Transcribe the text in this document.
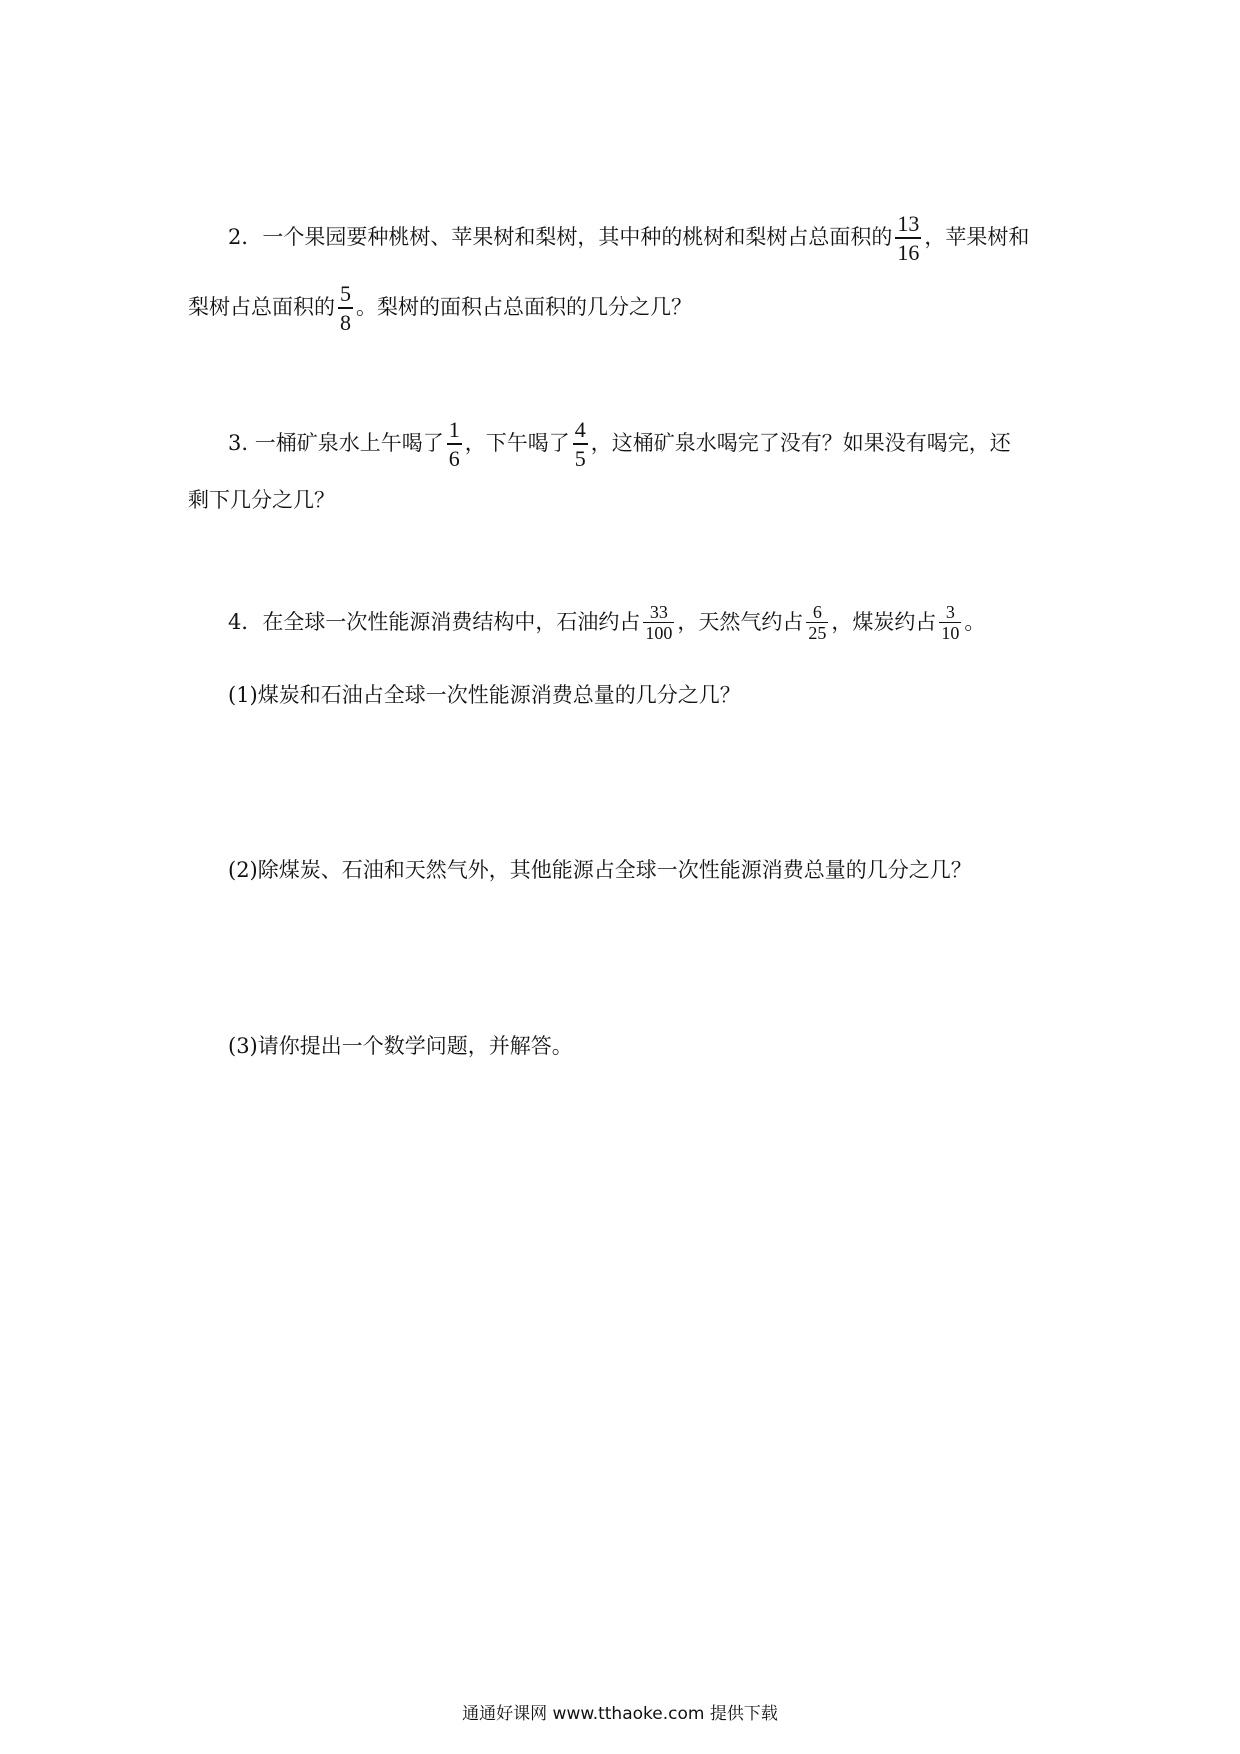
2．一个果园要种桃树、苹果树和梨树，其中种的桃树和梨树占总面积的 $\frac{13}{16}$ ，苹果树和
梨树占总面积的 $\frac{5}{8}$ 。梨树的面积占总面积的几分之几？
3. 一桶矿泉水上午喝了 $\frac{1}{6}$ ，下午喝了 $\frac{4}{5}$ ，这桶矿泉水喝完了没有？如果没有喝完，还
剩下几分之几？
4．在全球一次性能源消费结构中，石油约占 $\frac{33}{100}$ ，天然气约占 $\frac{6}{25}$ ，煤炭约占 $\frac{3}{10}$ 。
(1)煤炭和石油占全球一次性能源消费总量的几分之几？
(2)除煤炭、石油和天然气外，其他能源占全球一次性能源消费总量的几分之几？
(3)请你提出一个数学问题，并解答。
通通好课网 www.tthaoke.com 提供下载
